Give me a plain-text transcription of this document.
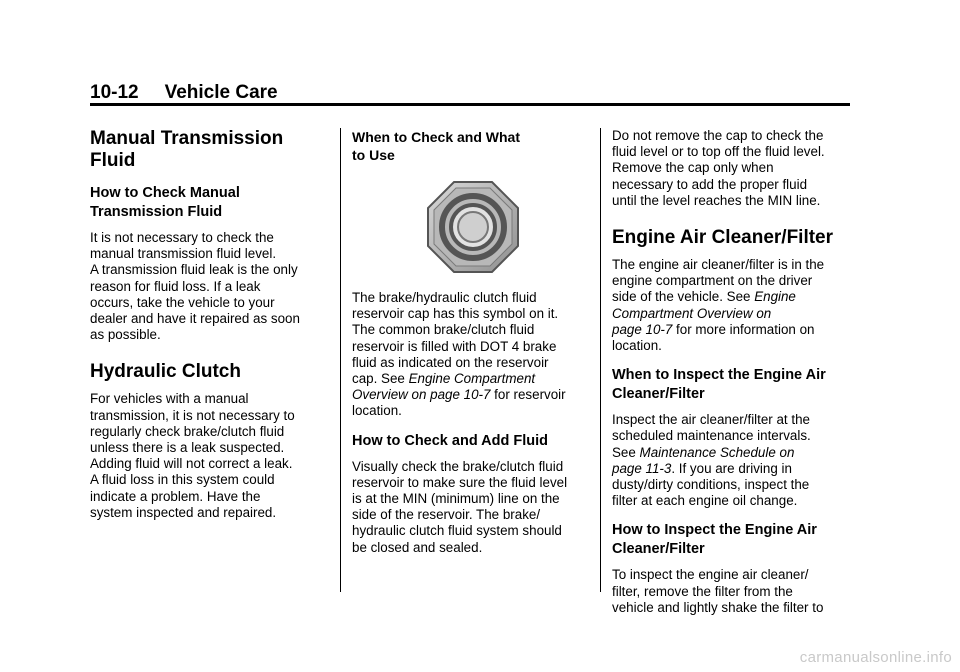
10-12 Vehicle Care
Manual Transmission
Fluid
How to Check Manual
Transmission Fluid

It is not necessary to check the
manual transmission fluid level.
A transmission fluid leak is the only
reason for fluid loss. If a leak
occurs, take the vehicle to your
dealer and have it repaired as soon
as possible.

Hydraulic Clutch

For vehicles with a manual
transmission, it is not necessary to
regularly check brake/clutch fluid
unless there is a leak suspected.
Adding fluid will not correct a leak.
A fluid loss in this system could
indicate a problem. Have the
system inspected and repaired.

When to Check and What
to Use

The brake/hydraulic clutch fluid
reservoir cap has this symbol on it.
The common brake/clutch fluid
reservoir is filled with DOT 4 brake
fluid as indicated on the reservoir
cap. See Engine Compartment
Overview on page 10-7 for reservoir
location.

How to Check and Add Fluid

Visually check the brake/clutch fluid
reservoir to make sure the fluid level
is at the MIN (minimum) line on the
side of the reservoir. The brake/
hydraulic clutch fluid system should
be closed and sealed.

Do not remove the cap to check the
fluid level or to top off the fluid level.
Remove the cap only when
necessary to add the proper fluid
until the level reaches the MIN line.

Engine Air Cleaner/Filter

The engine air cleaner/filter is in the
engine compartment on the driver
side of the vehicle. See Engine
Compartment Overview on
page 10-7 for more information on
location.

When to Inspect the Engine Air
Cleaner/Filter

Inspect the air cleaner/filter at the
scheduled maintenance intervals.
See Maintenance Schedule on
page 11-3. If you are driving in
dusty/dirty conditions, inspect the
filter at each engine oil change.

How to Inspect the Engine Air
Cleaner/Filter

To inspect the engine air cleaner/
filter, remove the filter from the
vehicle and lightly shake the filter to

carmanualsonline.info
